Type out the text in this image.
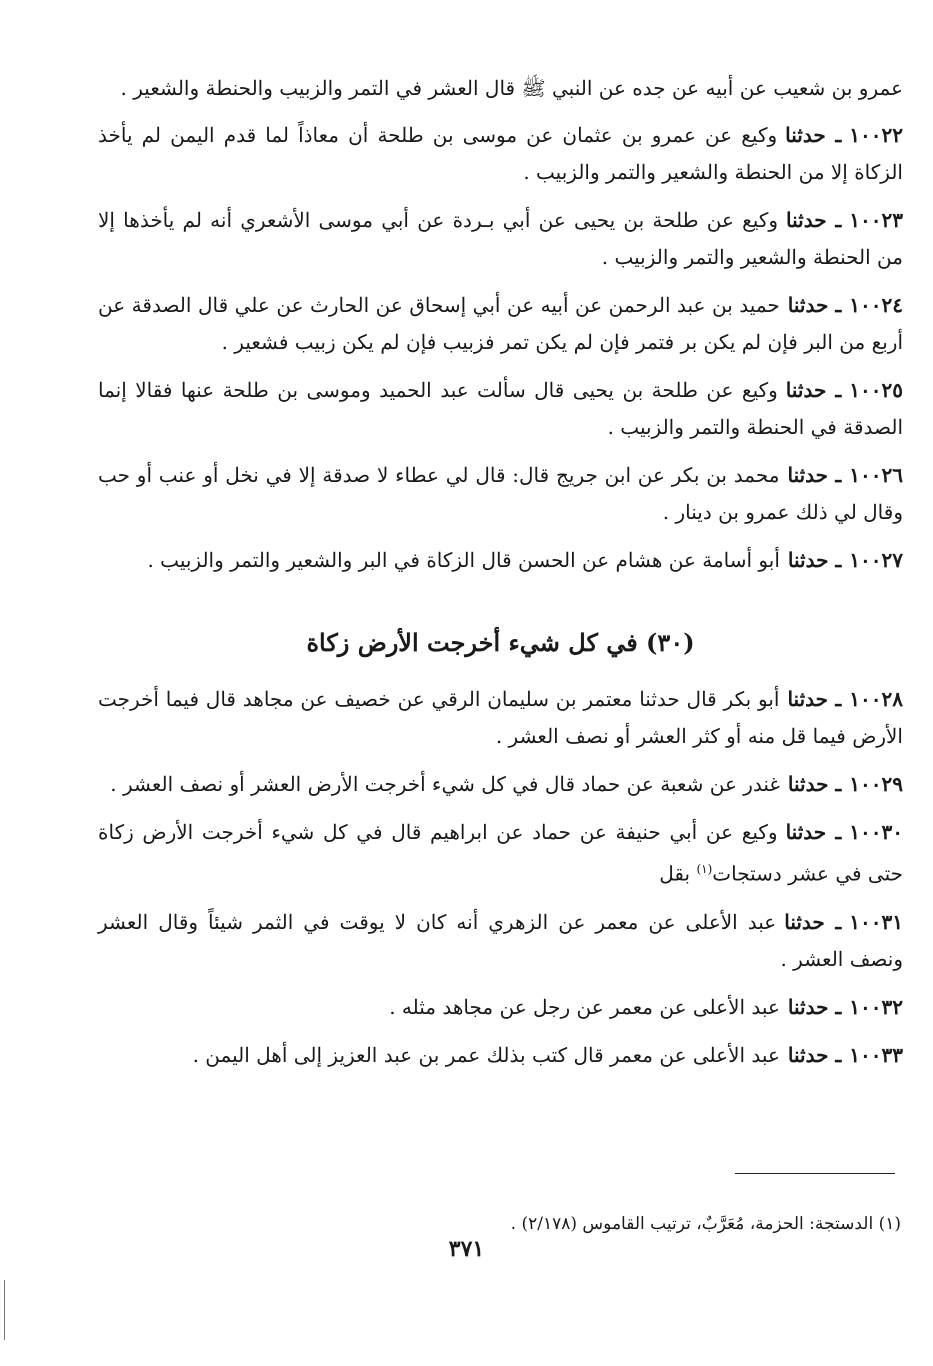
عمرو بن شعيب عن أبيه عن جده عن النبي ﷺ قال العشر في التمر والزبيب والحنطة والشعير .

١٠٠٢٢ـ حدثناوكيع عن عمرو بن عثمان عن موسى بن طلحة أن معاذاً لما قدم اليمن لم يأخذ الزكاة إلا من الحنطة والشعير والتمر والزبيب .

١٠٠٢٣ـ حدثناوكيع عن طلحة بن يحيى عن أبي بـردة عن أبي موسى الأشعري أنه لم يأخذها إلا من الحنطة والشعير والتمر والزبيب .

١٠٠٢٤ـ حدثناحميد بن عبد الرحمن عن أبيه عن أبي إسحاق عن الحارث عن علي قال الصدقة عن أربع من البر فإن لم يكن بر فتمر فإن لم يكن تمر فزبيب فإن لم يكن زبيب فشعير .

١٠٠٢٥ـ حدثناوكيع عن طلحة بن يحيى قال سألت عبد الحميد وموسى بن طلحة عنها فقالا إنما الصدقة في الحنطة والتمر والزبيب .

١٠٠٢٦ـ حدثنامحمد بن بكر عن ابن جريج قال: قال لي عطاء لا صدقة إلا في نخل أو عنب أو حب وقال لي ذلك عمرو بن دينار .

١٠٠٢٧ـ حدثناأبو أسامة عن هشام عن الحسن قال الزكاة في البر والشعير والتمر والزبيب .

(٣٠) في كل شيء أخرجت الأرض زكاة

١٠٠٢٨ـ حدثناأبو بكر قال حدثنا معتمر بن سليمان الرقي عن خصيف عن مجاهد قال فيما أخرجت الأرض فيما قل منه أو كثر العشر أو نصف العشر .

١٠٠٢٩ـ حدثناغندر عن شعبة عن حماد قال في كل شيء أخرجت الأرض العشر أو نصف العشر .

١٠٠٣٠ـ حدثناوكيع عن أبي حنيفة عن حماد عن ابراهيم قال في كل شيء أخرجت الأرض زكاة حتى في عشر دستجات$^{(١)}$ بقل

١٠٠٣١ـ حدثناعبد الأعلى عن معمر عن الزهري أنه كان لا يوقت في الثمر شيئاً وقال العشر ونصف العشر .

١٠٠٣٢ـ حدثناعبد الأعلى عن معمر عن رجل عن مجاهد مثله .

١٠٠٣٣ـ حدثناعبد الأعلى عن معمر قال كتب بذلك عمر بن عبد العزيز إلى أهل اليمن .

(١) الدستجة: الحزمة، مُعَرَّبٌ، ترتيب القاموس (٢/١٧٨) .
٣٧١
